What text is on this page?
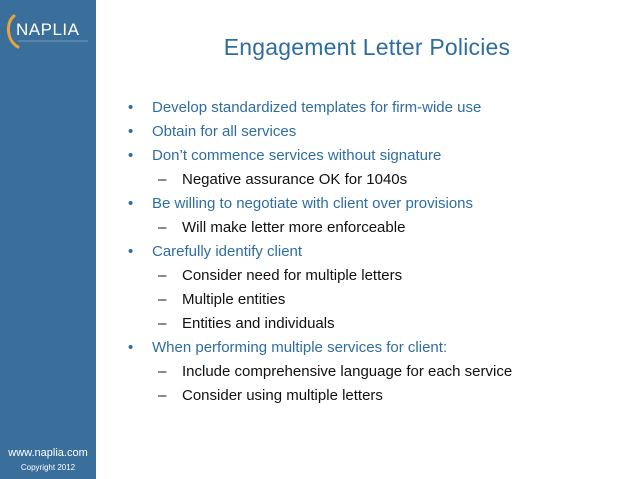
NAPLIA
www.naplia.com
Copyright 2012
Engagement Letter Policies
• Develop standardized templates for firm-wide use
• Obtain for all services
• Don’t commence services without signature
– Negative assurance OK for 1040s
• Be willing to negotiate with client over provisions
– Will make letter more enforceable
• Carefully identify client
– Consider need for multiple letters
– Multiple entities
– Entities and individuals
• When performing multiple services for client:
– Include comprehensive language for each service
– Consider using multiple letters
